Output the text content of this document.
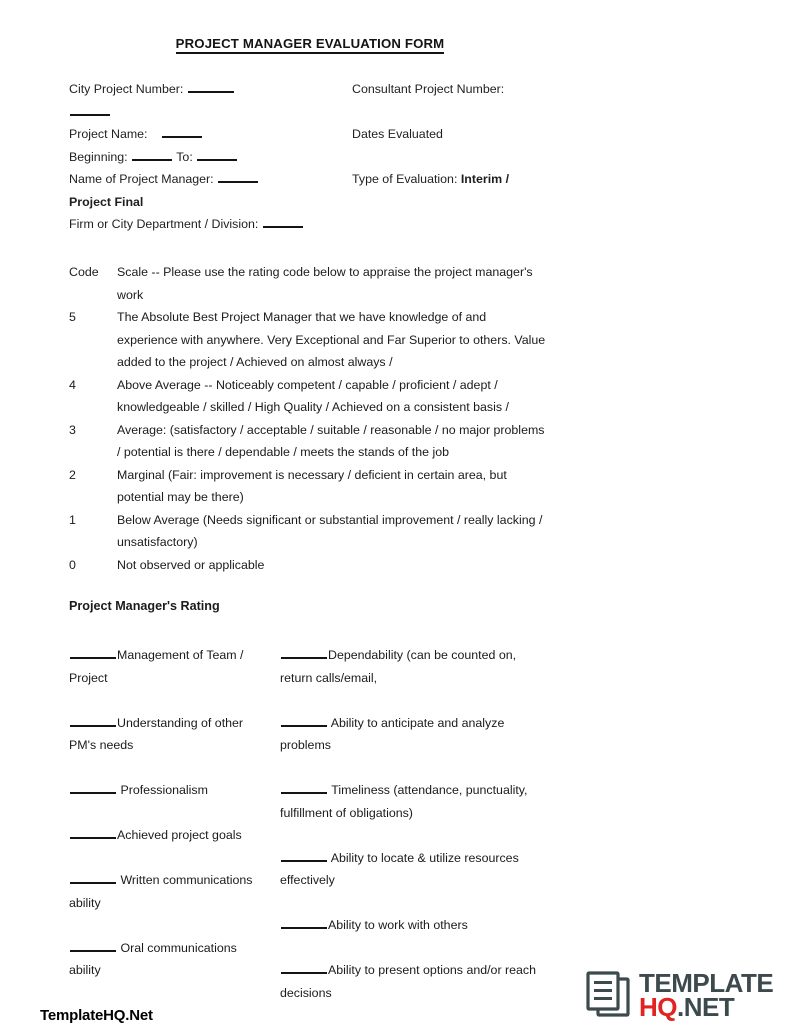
PROJECT MANAGER EVALUATION FORM
City Project Number:
Project Name:
Beginning:	To:
Name of Project Manager:
Project Final
Firm or City Department / Division:
Consultant Project Number:
Dates Evaluated
Type of Evaluation: Interim /
Code	Scale -- Please use the rating code below to appraise the project manager's work
5	The Absolute Best Project Manager that we have knowledge of and experience with anywhere. Very Exceptional and Far Superior to others. Value added to the project / Achieved on almost always /
4	Above Average -- Noticeably competent / capable / proficient / adept / knowledgeable / skilled / High Quality / Achieved on a consistent basis /
3	Average: (satisfactory / acceptable / suitable / reasonable / no major problems / potential is there / dependable / meets the stands of the job
2	Marginal (Fair: improvement is necessary / deficient in certain area, but potential may be there)
1	Below Average (Needs significant or substantial improvement / really lacking / unsatisfactory)
0	Not observed or applicable
Project Manager's Rating
Management of Team / Project
Understanding of other PM's needs
Professionalism
Achieved project goals
Written communications ability
Oral communications ability
Dependability (can be counted on, return calls/email,
Ability to anticipate and analyze problems
Timeliness (attendance, punctuality, fulfillment of obligations)
Ability to locate & utilize resources effectively
Ability to work with others
Ability to present options and/or reach decisions
TemplateHQ.Net
TEMPLATE
HQ.NET
